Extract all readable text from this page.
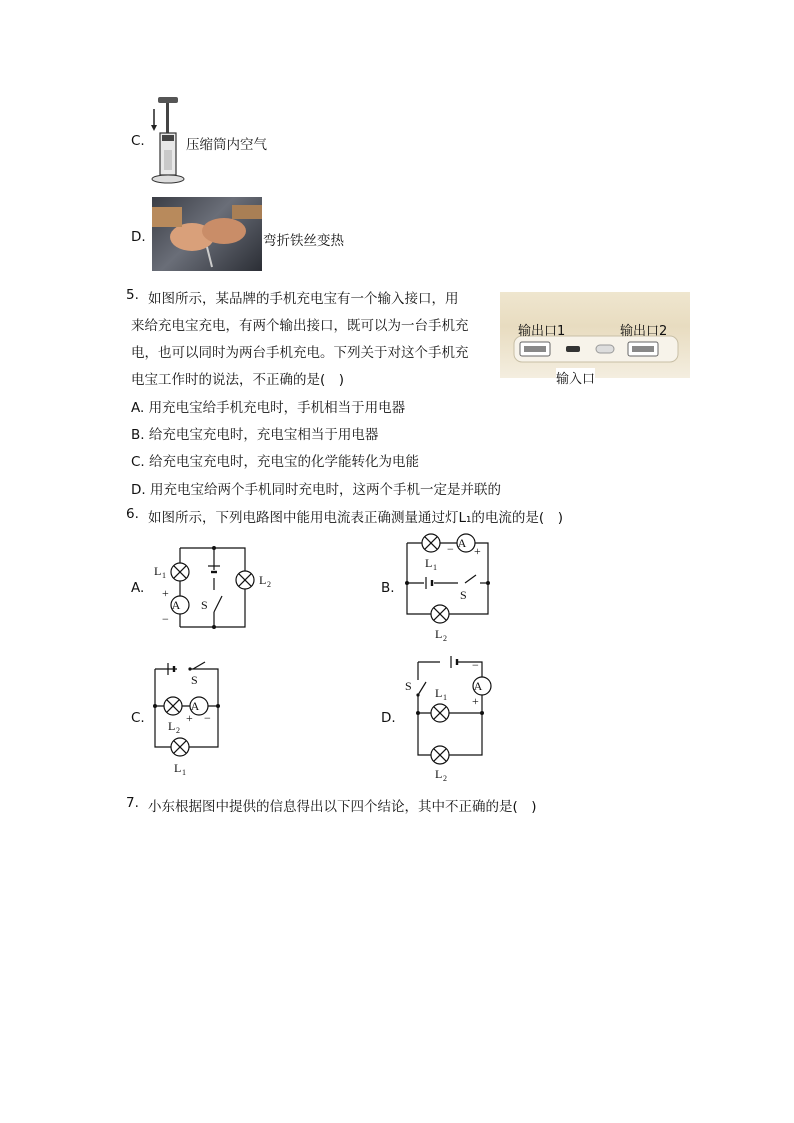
C.	压缩筒内空气
D.	弯折铁丝变热
5. 如图所示，某品牌的手机充电宝有一个输入接口，用
来给充电宝充电，有两个输出接口，既可以为一台手机充
电，也可以同时为两台手机充电。下列关于对这个手机充
电宝工作时的说法，不正确的是(　)
输出口1	输出口2
输入口
A. 用充电宝给手机充电时，手机相当于用电器
B. 给充电宝充电时，充电宝相当于用电器
C. 给充电宝充电时，充电宝的化学能转化为电能
D. 用充电宝给两个手机同时充电时，这两个手机一定是并联的
6. 如图所示，下列电路图中能用电流表正确测量通过灯L₁的电流的是(　)
A.	B.
C.	D.
A
L 1	L 2
S
+
−
A
L 1
− +
S
L 2
S
A
L 2
+ −
L 1
−
S	A
L 1 +
L 2
7. 小东根据图中提供的信息得出以下四个结论，其中不正确的是(　)
